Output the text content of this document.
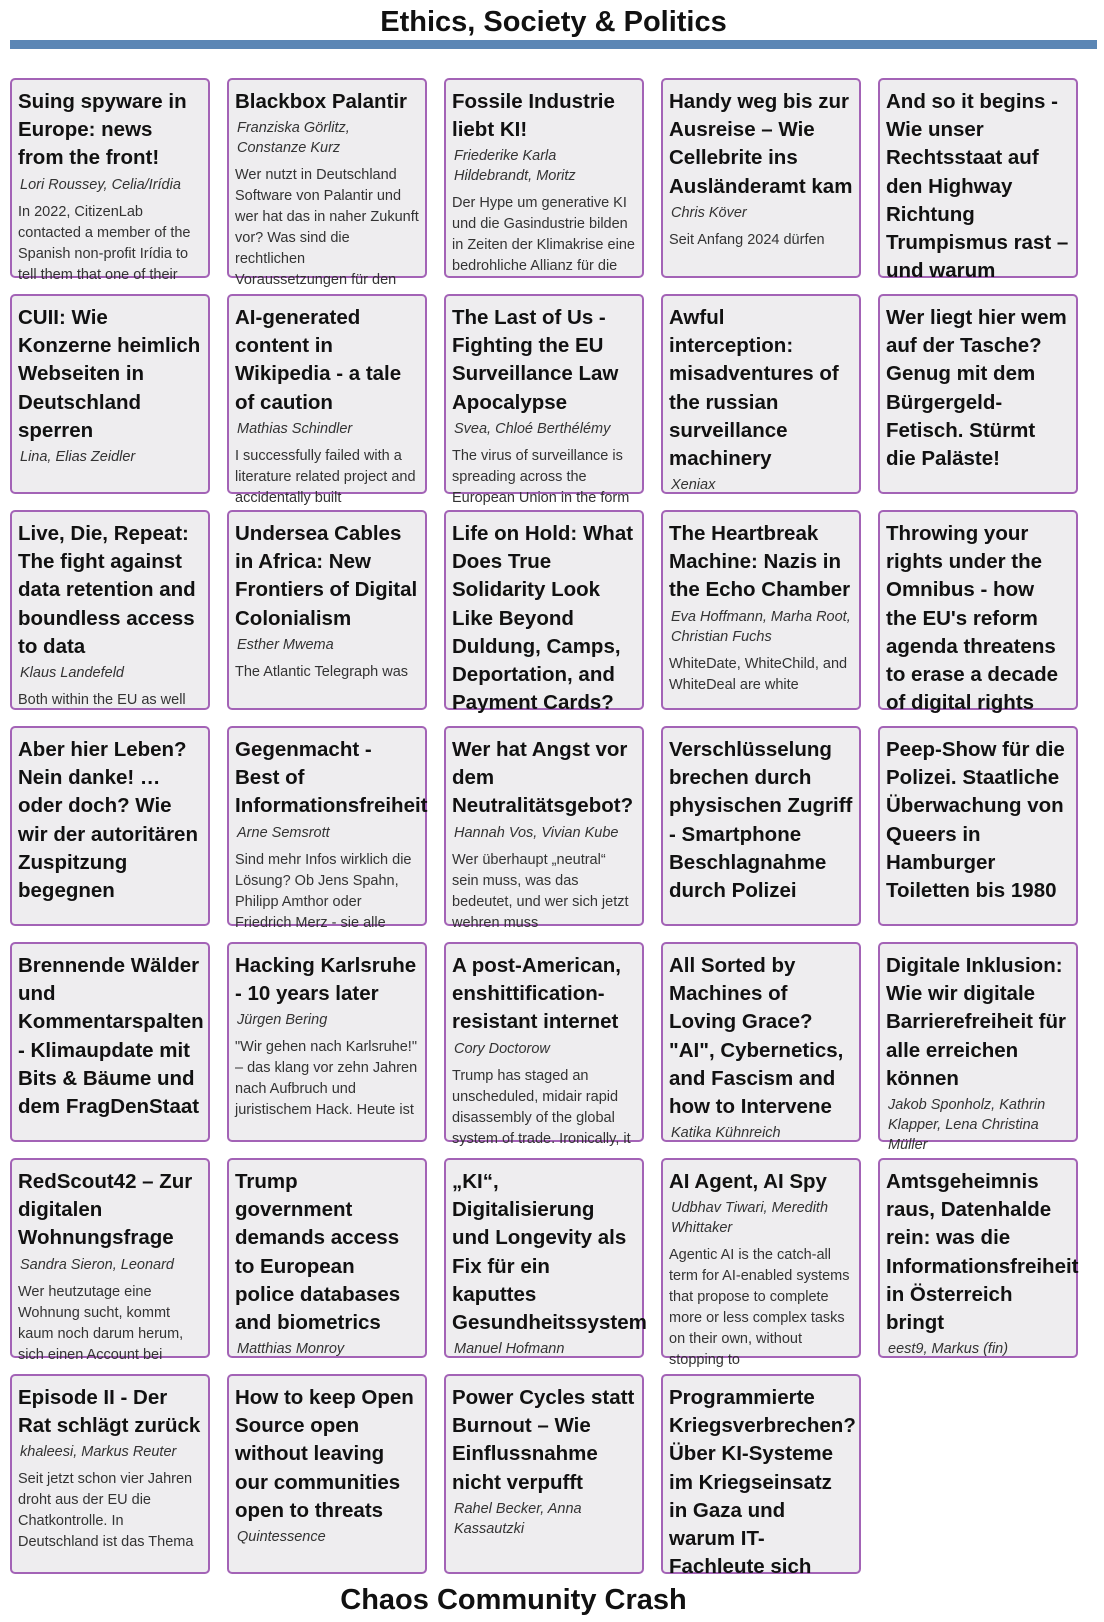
Ethics, Society & Politics
Suing spyware in Europe: news from the front!
Lori Roussey, Celia/Irídia
In 2022, CitizenLab contacted a member of the Spanish non-profit Irídia to tell them that one of their
Blackbox Palantir
Franziska Görlitz, Constanze Kurz
Wer nutzt in Deutschland Software von Palantir und wer hat das in naher Zukunft vor? Was sind die rechtlichen Voraussetzungen für den
Fossile Industrie liebt KI!
Friederike Karla Hildebrandt, Moritz
Der Hype um generative KI und die Gasindustrie bilden in Zeiten der Klimakrise eine bedrohliche Allianz für die
Handy weg bis zur Ausreise – Wie Cellebrite ins Ausländeramt kam
Chris Köver
Seit Anfang 2024 dürfen
And so it begins - Wie unser Rechtsstaat auf den Highway Richtung Trumpismus rast – und warum
CUII: Wie Konzerne heimlich Webseiten in Deutschland sperren
Lina, Elias Zeidler
AI-generated content in Wikipedia - a tale of caution
Mathias Schindler
I successfully failed with a literature related project and accidentally built
The Last of Us - Fighting the EU Surveillance Law Apocalypse
Svea, Chloé Berthélémy
The virus of surveillance is spreading across the European Union in the form
Awful interception: misadventures of the russian surveillance machinery
Xeniax
Wer liegt hier wem auf der Tasche? Genug mit dem Bürgergeld-Fetisch. Stürmt die Paläste!
Live, Die, Repeat: The fight against data retention and boundless access to data
Klaus Landefeld
Both within the EU as well
Undersea Cables in Africa: New Frontiers of Digital Colonialism
Esther Mwema
The Atlantic Telegraph was
Life on Hold: What Does True Solidarity Look Like Beyond Duldung, Camps, Deportation, and Payment Cards?
The Heartbreak Machine: Nazis in the Echo Chamber
Eva Hoffmann, Marha Root, Christian Fuchs
WhiteDate, WhiteChild, and WhiteDeal are white
Throwing your rights under the Omnibus - how the EU's reform agenda threatens to erase a decade of digital rights
Aber hier Leben? Nein danke! … oder doch? Wie wir der autoritären Zuspitzung begegnen
Gegenmacht - Best of Informationsfreiheit
Arne Semsrott
Sind mehr Infos wirklich die Lösung? Ob Jens Spahn, Philipp Amthor oder Friedrich Merz - sie alle
Wer hat Angst vor dem Neutralitätsgebot?
Hannah Vos, Vivian Kube
Wer überhaupt „neutral“ sein muss, was das bedeutet, und wer sich jetzt wehren muss
Verschlüsselung brechen durch physischen Zugriff - Smartphone Beschlagnahme durch Polizei
Peep-Show für die Polizei. Staatliche Überwachung von Queers in Hamburger Toiletten bis 1980
Brennende Wälder und Kommentarspalten - Klimaupdate mit Bits & Bäume und dem FragDenStaat
Hacking Karlsruhe - 10 years later
Jürgen Bering
"Wir gehen nach Karlsruhe!" – das klang vor zehn Jahren nach Aufbruch und juristischem Hack. Heute ist
A post-American, enshittification-resistant internet
Cory Doctorow
Trump has staged an unscheduled, midair rapid disassembly of the global system of trade. Ironically, it
All Sorted by Machines of Loving Grace? "AI", Cybernetics, and Fascism and how to Intervene
Katika Kühnreich
Digitale Inklusion: Wie wir digitale Barrierefreiheit für alle erreichen können
Jakob Sponholz, Kathrin Klapper, Lena Christina Müller
RedScout42 – Zur digitalen Wohnungsfrage
Sandra Sieron, Leonard
Wer heutzutage eine Wohnung sucht, kommt kaum noch darum herum, sich einen Account bei
Trump government demands access to European police databases and biometrics
Matthias Monroy
„KI“, Digitalisierung und Longevity als Fix für ein kaputtes Gesundheitssystem
Manuel Hofmann
AI Agent, AI Spy
Udbhav Tiwari, Meredith Whittaker
Agentic AI is the catch-all term for AI-enabled systems that propose to complete more or less complex tasks on their own, without stopping to
Amtsgeheimnis raus, Datenhalde rein: was die Informationsfreiheit in Österreich bringt
eest9, Markus (fin)
Episode II - Der Rat schlägt zurück
khaleesi, Markus Reuter
Seit jetzt schon vier Jahren droht aus der EU die Chatkontrolle. In Deutschland ist das Thema
How to keep Open Source open without leaving our communities open to threats
Quintessence
Power Cycles statt Burnout – Wie Einflussnahme nicht verpufft
Rahel Becker, Anna Kassautzki
Programmierte Kriegsverbrechen? Über KI-Systeme im Kriegseinsatz in Gaza und warum IT-Fachleute sich
Chaos Community Crash
